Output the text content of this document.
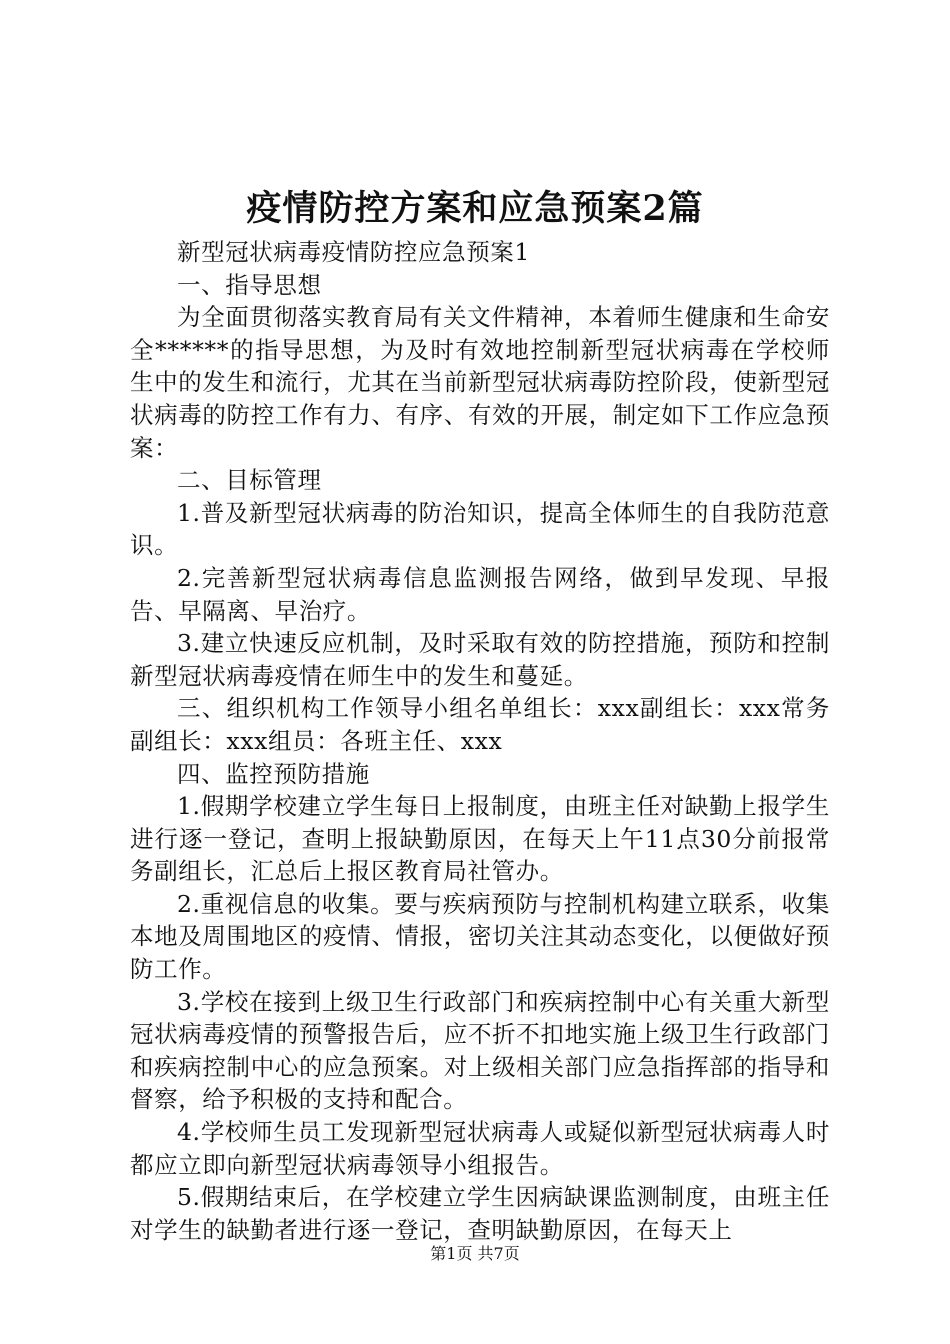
疫情防控方案和应急预案2篇

新型冠状病毒疫情防控应急预案1

一、指导思想

为全面贯彻落实教育局有关文件精神，本着师生健康和生命安全******的指导思想，为及时有效地控制新型冠状病毒在学校师生中的发生和流行，尤其在当前新型冠状病毒防控阶段，使新型冠状病毒的防控工作有力、有序、有效的开展，制定如下工作应急预案：

二、目标管理

1.普及新型冠状病毒的防治知识，提高全体师生的自我防范意识。

2.完善新型冠状病毒信息监测报告网络，做到早发现、早报告、早隔离、早治疗。

3.建立快速反应机制，及时采取有效的防控措施，预防和控制新型冠状病毒疫情在师生中的发生和蔓延。

三、组织机构工作领导小组名单组长：xxx副组长：xxx常务副组长：xxx组员：各班主任、xxx

四、监控预防措施

1.假期学校建立学生每日上报制度，由班主任对缺勤上报学生进行逐一登记，查明上报缺勤原因，在每天上午11点30分前报常务副组长，汇总后上报区教育局社管办。

2.重视信息的收集。要与疾病预防与控制机构建立联系，收集本地及周围地区的疫情、情报，密切关注其动态变化，以便做好预防工作。

3.学校在接到上级卫生行政部门和疾病控制中心有关重大新型冠状病毒疫情的预警报告后，应不折不扣地实施上级卫生行政部门和疾病控制中心的应急预案。对上级相关部门应急指挥部的指导和督察，给予积极的支持和配合。

4.学校师生员工发现新型冠状病毒人或疑似新型冠状病毒人时都应立即向新型冠状病毒领导小组报告。

5.假期结束后，在学校建立学生因病缺课监测制度，由班主任对学生的缺勤者进行逐一登记，查明缺勤原因，在每天上

第1页 共7页
